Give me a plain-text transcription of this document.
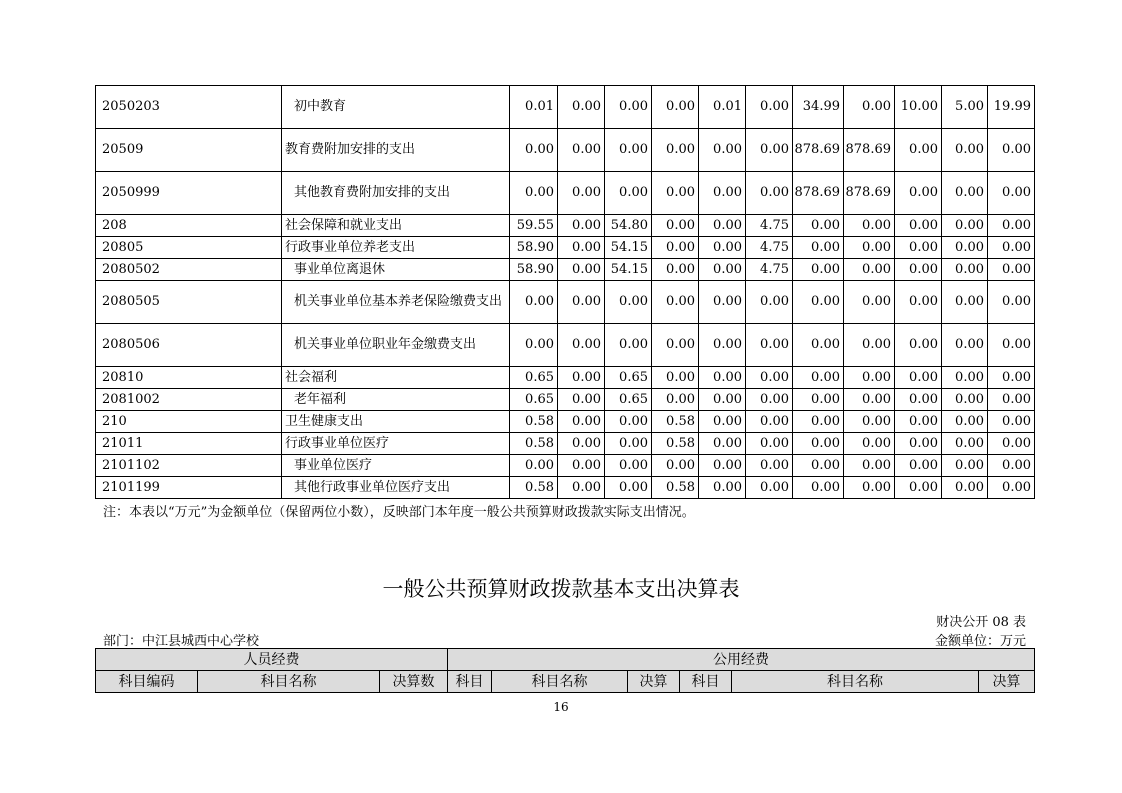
2050203	初中教育	0.01	0.00	0.00	0.00	0.01	0.00	34.99	0.00	10.00	5.00	19.99
20509	教育费附加安排的支出	0.00	0.00	0.00	0.00	0.00	0.00	878.69	878.69	0.00	0.00	0.00
2050999	其他教育费附加安排的支出	0.00	0.00	0.00	0.00	0.00	0.00	878.69	878.69	0.00	0.00	0.00
208	社会保障和就业支出	59.55	0.00	54.80	0.00	0.00	4.75	0.00	0.00	0.00	0.00	0.00
20805	行政事业单位养老支出	58.90	0.00	54.15	0.00	0.00	4.75	0.00	0.00	0.00	0.00	0.00
2080502	事业单位离退休	58.90	0.00	54.15	0.00	0.00	4.75	0.00	0.00	0.00	0.00	0.00
2080505	机关事业单位基本养老保险缴费支出	0.00	0.00	0.00	0.00	0.00	0.00	0.00	0.00	0.00	0.00	0.00
2080506	机关事业单位职业年金缴费支出	0.00	0.00	0.00	0.00	0.00	0.00	0.00	0.00	0.00	0.00	0.00
20810	社会福利	0.65	0.00	0.65	0.00	0.00	0.00	0.00	0.00	0.00	0.00	0.00
2081002	老年福利	0.65	0.00	0.65	0.00	0.00	0.00	0.00	0.00	0.00	0.00	0.00
210	卫生健康支出	0.58	0.00	0.00	0.58	0.00	0.00	0.00	0.00	0.00	0.00	0.00
21011	行政事业单位医疗	0.58	0.00	0.00	0.58	0.00	0.00	0.00	0.00	0.00	0.00	0.00
2101102	事业单位医疗	0.00	0.00	0.00	0.00	0.00	0.00	0.00	0.00	0.00	0.00	0.00
2101199	其他行政事业单位医疗支出	0.58	0.00	0.00	0.58	0.00	0.00	0.00	0.00	0.00	0.00	0.00
注：本表以“万元”为金额单位（保留两位小数），反映部门本年度一般公共预算财政拨款实际支出情况。
一般公共预算财政拨款基本支出决算表
财决公开 08 表
部门：中江县城西中心学校	金额单位：万元
人员经费			公用经费					
科目编码	科目名称	决算数	科目	科目名称	决算	科目	科目名称	决算
16
